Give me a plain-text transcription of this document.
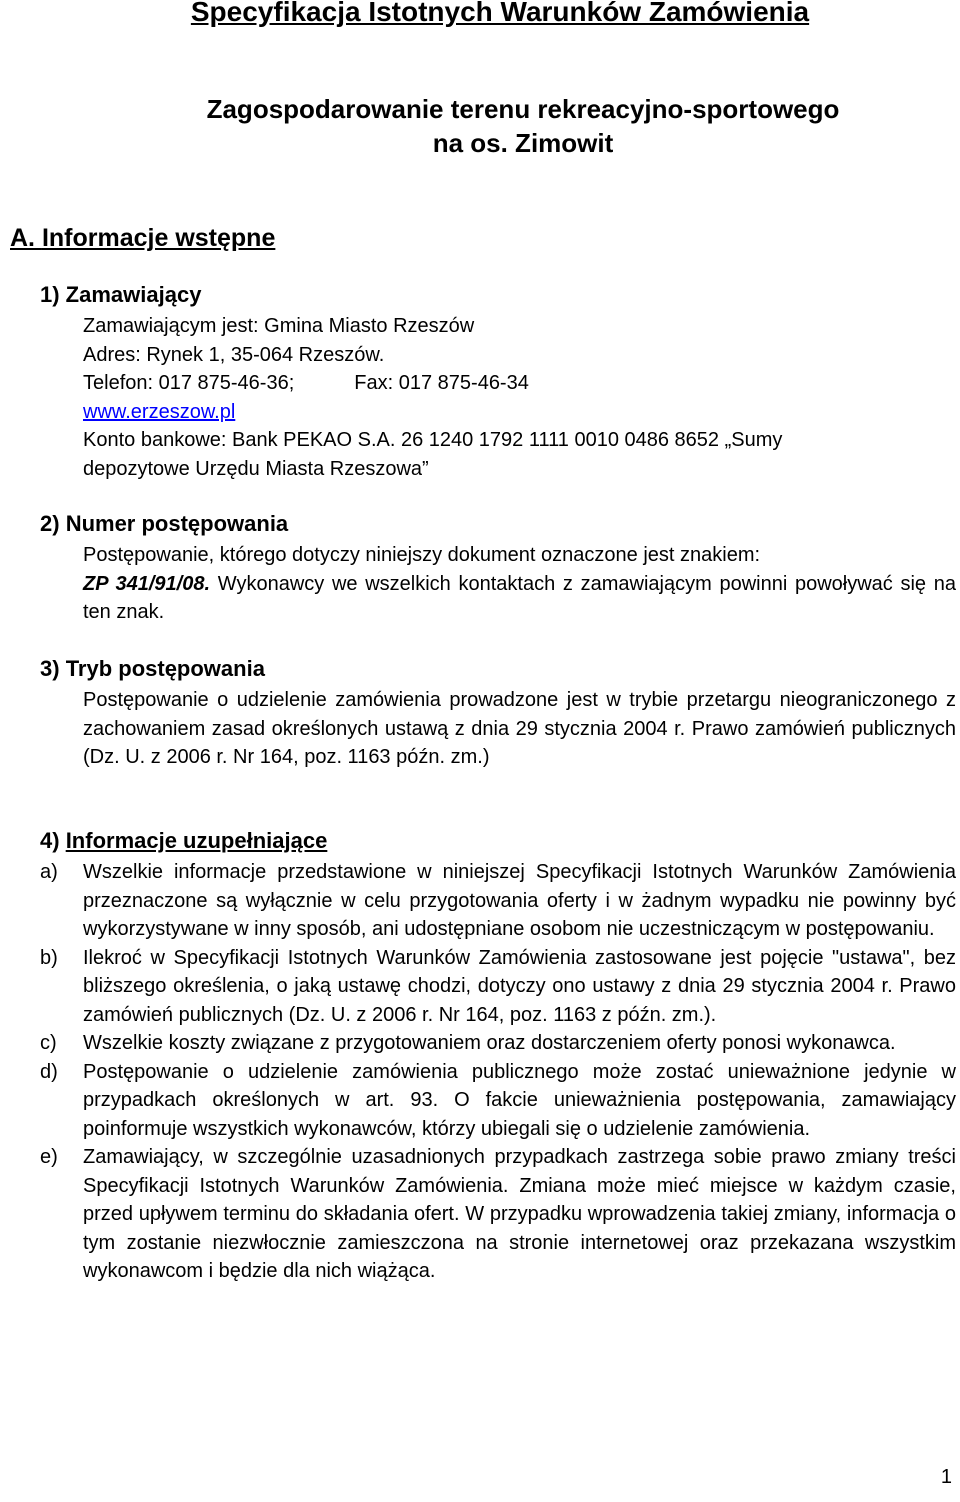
Specyfikacja Istotnych Warunków Zamówienia
Zagospodarowanie terenu rekreacyjno-sportowego
na os. Zimowit
A. Informacje wstępne
1) Zamawiający
Zamawiającym jest: Gmina Miasto Rzeszów
Adres: Rynek 1, 35-064 Rzeszów.
Telefon: 017 875-46-36;	Fax: 017 875-46-34
www.erzeszow.pl
Konto bankowe: Bank PEKAO S.A. 26 1240 1792 1111 0010 0486 8652 „Sumy
depozytowe Urzędu Miasta Rzeszowa”
2) Numer postępowania
Postępowanie, którego dotyczy niniejszy dokument oznaczone jest znakiem:
ZP 341/91/08. Wykonawcy we wszelkich kontaktach z zamawiającym powinni powoływać się na ten znak.
3) Tryb postępowania
Postępowanie o udzielenie zamówienia prowadzone jest w trybie przetargu nieograniczonego z zachowaniem zasad określonych ustawą z dnia 29 stycznia 2004 r. Prawo zamówień publicznych (Dz. U. z 2006 r. Nr 164, poz. 1163 późn. zm.)
4) Informacje uzupełniające
a) Wszelkie informacje przedstawione w niniejszej Specyfikacji Istotnych Warunków Zamówienia przeznaczone są wyłącznie w celu przygotowania oferty i w żadnym wypadku nie powinny być wykorzystywane w inny sposób, ani udostępniane osobom nie uczestniczącym w postępowaniu.
b) Ilekroć w Specyfikacji Istotnych Warunków Zamówienia zastosowane jest pojęcie "ustawa", bez bliższego określenia, o jaką ustawę chodzi, dotyczy ono ustawy z dnia 29 stycznia 2004 r. Prawo zamówień publicznych (Dz. U. z 2006 r. Nr 164, poz. 1163 z późn. zm.).
c) Wszelkie koszty związane z przygotowaniem oraz dostarczeniem oferty ponosi wykonawca.
d) Postępowanie o udzielenie zamówienia publicznego może zostać unieważnione jedynie w przypadkach określonych w art. 93. O fakcie unieważnienia postępowania, zamawiający poinformuje wszystkich wykonawców, którzy ubiegali się o udzielenie zamówienia.
e) Zamawiający, w szczególnie uzasadnionych przypadkach zastrzega sobie prawo zmiany treści Specyfikacji Istotnych Warunków Zamówienia. Zmiana może mieć miejsce w każdym czasie, przed upływem terminu do składania ofert. W przypadku wprowadzenia takiej zmiany, informacja o tym zostanie niezwłocznie zamieszczona na stronie internetowej oraz przekazana wszystkim wykonawcom i będzie dla nich wiążąca.
1
